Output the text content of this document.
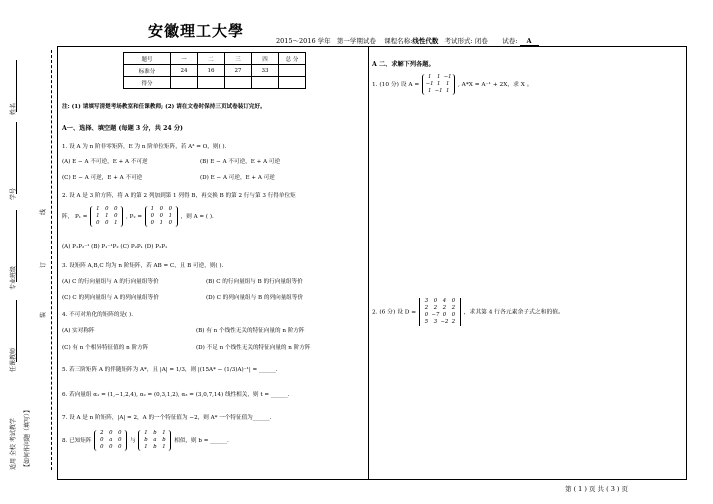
安徽理工大學
2015～2016 学年 第一学期试卷 课程名称:线性代数 考试形式: 闭卷 试卷: A
姓名
学号
专业班级
任课教师
适用 全校 考试教学	【如何作问题（填写）】
线
订
装
题号	一	二	三	四	总 分
标准分	24	16	27	33	
得分					
注: (1) 请填写清楚考场教室和任课教师; (2) 请在文卷时保持三页试卷装订完好。
A一、选择、填空题 (每题 3 分，共 24 分)
1. 设 A 为 n 阶非零矩阵，E 为 n 阶单位矩阵，若 A³ = O，则( ).
(A) E − A 不可逆，E + A 不可逆	(B) E − A 不可逆，E + A 可逆
(C) E − A 可逆，E + A 不可逆	(D) E − A 可逆，E + A 可逆
2. 设 A 是 3 阶方阵，将 A 的第 2 列加到第 1 列得 B，再交换 B 的第 2 行与第 3 行得单位矩
阵， P₁ = 1 0 0
1 1 0
0 0 1 , P₂ = 1 0 0
0 0 1
0 1 0 ，则 A = ( ).
(A) P₁P₂⁻¹ (B) P₁⁻¹P₂ (C) P₂P₁ (D) P₂P₁
3. 设矩阵 A,B,C 均为 n 阶矩阵，若 AB = C，且 B 可逆，则( ).
(A) C 的行向量组与 A 的行向量组等价	(B) C 的行向量组与 B 的行向量组等价
(C) C 的列向量组与 A 的列向量组等价	(D) C 的列向量组与 B 的列向量组等价
4. 不可对角化的矩阵的是( ).
(A) 实对称阵	(B) 有 n 个线性无关的特征向量的 n 阶方阵
(C) 有 n 个相异特征值的 n 阶方阵	(D) 不足 n 个线性无关的特征向量的 n 阶方阵
5. 若三阶矩阵 A 的伴随矩阵为 A*，且 |A| = 1/3，则 |(15A* − (1/3)A)⁻¹| = ______.
6. 若向量组 α₁ = (1,−1,2,4), α₂ = (0,3,1,2), α₃ = (3,0,7,14) 线性相关，则 t = ______.
7. 设 A 是 n 阶矩阵，|A| = 2，A 的一个特征值为 −2，则 A* 一个特征值为______.
8. 已知矩阵 2 0 0
0 a 0
0 0 0 与 1 b 1
b a b
1 b 1 相似，则 b = ______.
A 二、求解下列各题。
1. (10 分) 设 A = 1 1 −1
−1 1 1
1 −1 1 , A*X = A⁻¹ + 2X，求 X 。
2. (6 分) 设 D = 3 0 4 0
2 2 2 2
0 −7 0 0
5 3 −2 2 ，求其第 4 行各元素余子式之和的值。
第 ( 1 ) 页 共 ( 3 ) 页
